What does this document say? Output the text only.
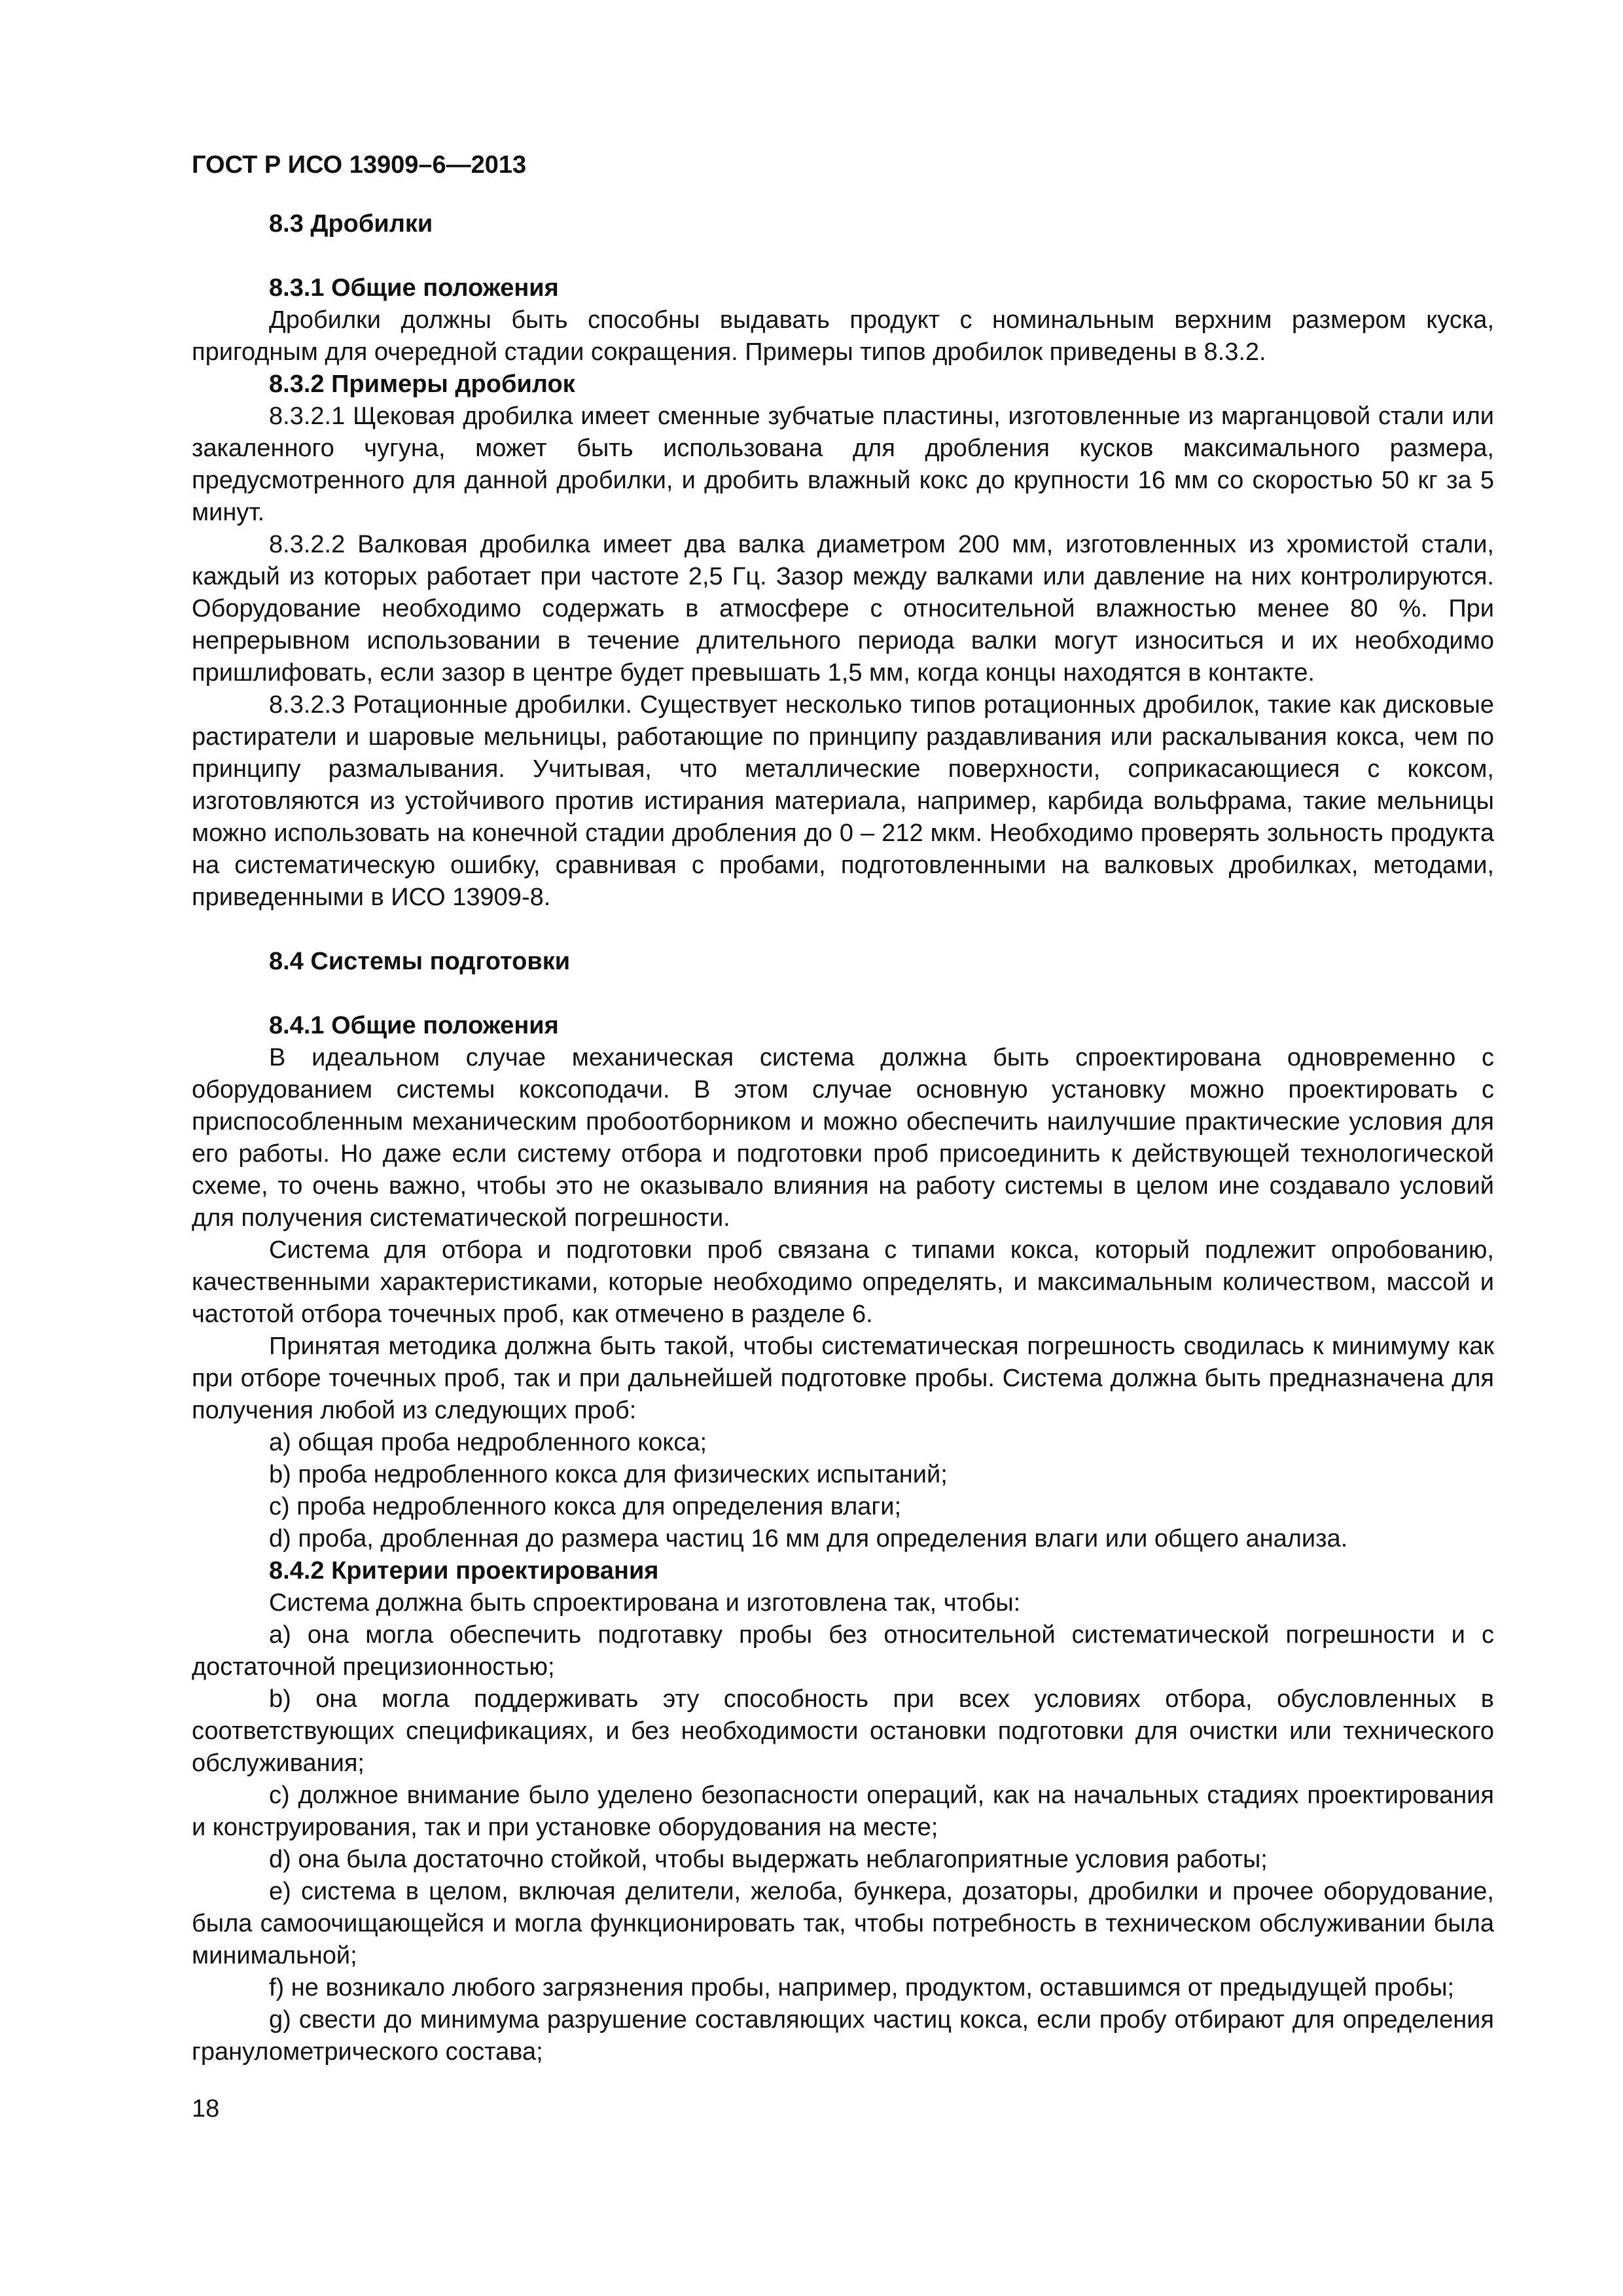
ГОСТ Р ИСО 13909–6—2013
8.3 Дробилки
8.3.1 Общие положения

Дробилки должны быть способны выдавать продукт с номинальным верхним размером куска, пригодным для очередной стадии сокращения. Примеры типов дробилок приведены в 8.3.2.

8.3.2 Примеры дробилок

8.3.2.1 Щековая дробилка имеет сменные зубчатые пластины, изготовленные из марганцовой стали или закаленного чугуна, может быть использована для дробления кусков максимального размера, предусмотренного для данной дробилки, и дробить влажный кокс до крупности 16 мм со скоростью 50 кг за 5 минут.

8.3.2.2 Валковая дробилка имеет два валка диаметром 200 мм, изготовленных из хромистой стали, каждый из которых работает при частоте 2,5 Гц. Зазор между валками или давление на них контролируются. Оборудование необходимо содержать в атмосфере с относительной влажностью менее 80 %. При непрерывном использовании в течение длительного периода валки могут износиться и их необходимо пришлифовать, если зазор в центре будет превышать 1,5 мм, когда концы находятся в контакте.

8.3.2.3 Ротационные дробилки. Существует несколько типов ротационных дробилок, такие как дисковые растиратели и шаровые мельницы, работающие по принципу раздавливания или раскалывания кокса, чем по принципу размалывания. Учитывая, что металлические поверхности, соприкасающиеся с коксом, изготовляются из устойчивого против истирания материала, например, карбида вольфрама, такие мельницы можно использовать на конечной стадии дробления до 0 – 212 мкм. Необходимо проверять зольность продукта на систематическую ошибку, сравнивая с пробами, подготовленными на валковых дробилках, методами, приведенными в ИСО 13909-8.

8.4 Системы подготовки
8.4.1 Общие положения

В идеальном случае механическая система должна быть спроектирована одновременно с оборудованием системы коксоподачи. В этом случае основную установку можно проектировать с приспособленным механическим пробоотборником и можно обеспечить наилучшие практические условия для его работы. Но даже если систему отбора и подготовки проб присоединить к действующей технологической схеме, то очень важно, чтобы это не оказывало влияния на работу системы в целом ине создавало условий для получения систематической погрешности.

Система для отбора и подготовки проб связана с типами кокса, который подлежит опробованию, качественными характеристиками, которые необходимо определять, и максимальным количеством, массой и частотой отбора точечных проб, как отмечено в разделе 6.

Принятая методика должна быть такой, чтобы систематическая погрешность сводилась к минимуму как при отборе точечных проб, так и при дальнейшей подготовке пробы. Система должна быть предназначена для получения любой из следующих проб:

a) общая проба недробленного кокса;
b) проба недробленного кокса для физических испытаний;
c) проба недробленного кокса для определения влаги;
d) проба, дробленная до размера частиц 16 мм для определения влаги или общего анализа.
8.4.2 Критерии проектирования

Система должна быть спроектирована и изготовлена так, чтобы:

a) она могла обеспечить подготавку пробы без относительной систематической погрешности и с достаточной прецизионностью;

b) она могла поддерживать эту способность при всех условиях отбора, обусловленных в соответствующих спецификациях, и без необходимости остановки подготовки для очистки или технического обслуживания;

c) должное внимание было уделено безопасности операций, как на начальных стадиях проектирования и конструирования, так и при установке оборудования на месте;

d) она была достаточно стойкой, чтобы выдержать неблагоприятные условия работы;

e) система в целом, включая делители, желоба, бункера, дозаторы, дробилки и прочее оборудование, была самоочищающейся и могла функционировать так, чтобы потребность в техническом обслуживании была минимальной;

f) не возникало любого загрязнения пробы, например, продуктом, оставшимся от предыдущей пробы;

g) свести до минимума разрушение составляющих частиц кокса, если пробу отбирают для определения гранулометрического состава;

18
